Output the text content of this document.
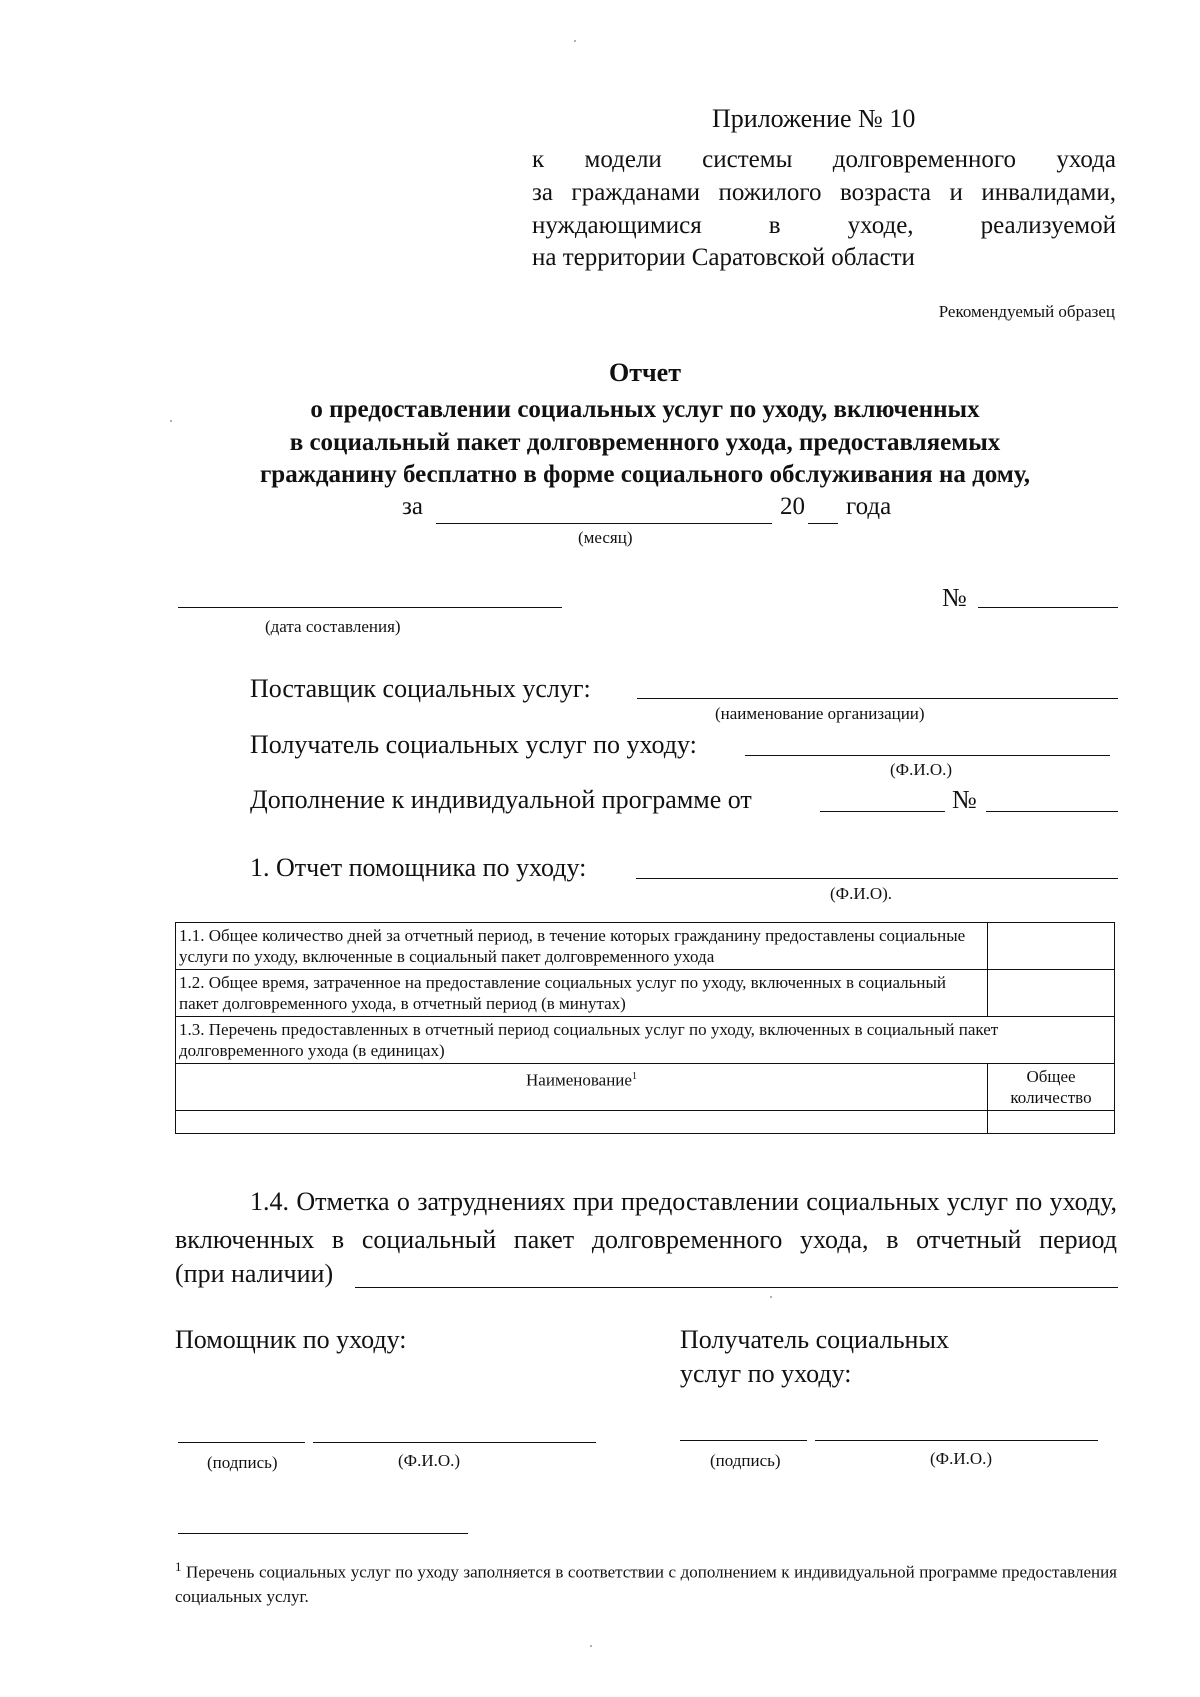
Приложение № 10
к модели системы долговременного ухода
за гражданами пожилого возраста и инвалидами,
нуждающимися в уходе, реализуемой
на территории Саратовской области
Рекомендуемый образец
Отчет
о предоставлении социальных услуг по уходу, включенных
в социальный пакет долговременного ухода, предоставляемых
гражданину бесплатно в форме социального обслуживания на дому,
за	20 года
(месяц)
(дата составления)
№
Поставщик социальных услуг:
(наименование организации)
Получатель социальных услуг по уходу:
(Ф.И.О.)
Дополнение к индивидуальной программе от	№
1. Отчет помощника по уходу:
(Ф.И.О).
1.1. Общее количество дней за отчетный период, в течение которых гражданину предоставлены социальные услуги по уходу, включенные в социальный пакет долговременного ухода	
1.2. Общее время, затраченное на предоставление социальных услуг по уходу, включенных в социальный пакет долговременного ухода, в отчетный период (в минутах)	
1.3. Перечень предоставленных в отчетный период социальных услуг по уходу, включенных в социальный пакет долговременного ухода (в единицах)	
Наименование$^1$	Общее количество

1.4. Отметка о затруднениях при предоставлении социальных услуг по уходу, включенных в социальный пакет долговременного ухода, в отчетный период
(при наличии)
Помощник по уходу:	Получатель социальных
услуг по уходу:
(подпись)	(Ф.И.О.)	(подпись)	(Ф.И.О.)
$^1$ Перечень социальных услуг по уходу заполняется в соответствии с дополнением к индивидуальной программе предоставления социальных услуг.
